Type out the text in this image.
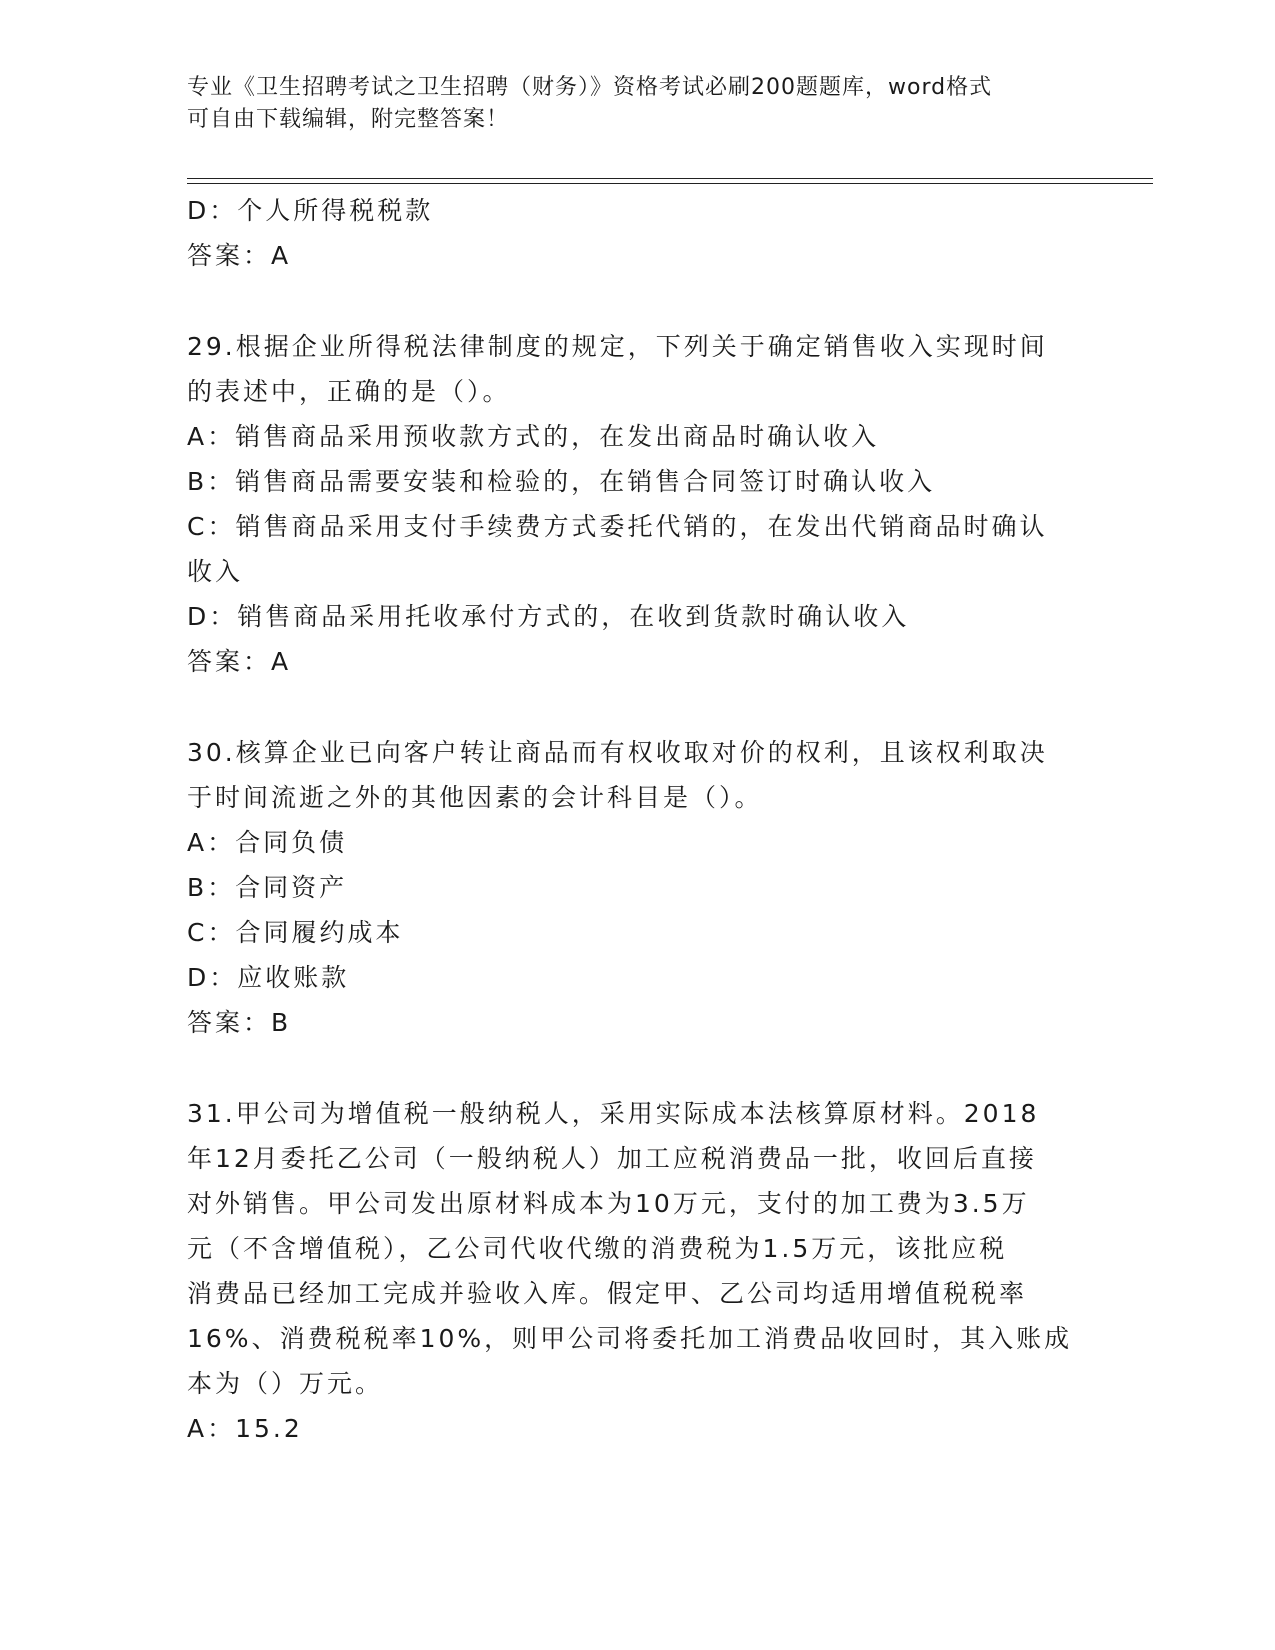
专业《卫生招聘考试之卫生招聘（财务）》资格考试必刷200题题库，word格式
可自由下载编辑，附完整答案！

D：个人所得税税款

答案：A

29.根据企业所得税法律制度的规定，下列关于确定销售收入实现时间

的表述中，正确的是（）。

A：销售商品采用预收款方式的，在发出商品时确认收入

B：销售商品需要安装和检验的，在销售合同签订时确认收入

C：销售商品采用支付手续费方式委托代销的，在发出代销商品时确认

收入

D：销售商品采用托收承付方式的，在收到货款时确认收入

答案：A

30.核算企业已向客户转让商品而有权收取对价的权利，且该权利取决

于时间流逝之外的其他因素的会计科目是（）。

A：合同负债

B：合同资产

C：合同履约成本

D：应收账款

答案：B

31.甲公司为增值税一般纳税人，采用实际成本法核算原材料。2018

年12月委托乙公司（一般纳税人）加工应税消费品一批，收回后直接

对外销售。甲公司发出原材料成本为10万元，支付的加工费为3.5万

元（不含增值税），乙公司代收代缴的消费税为1.5万元，该批应税

消费品已经加工完成并验收入库。假定甲、乙公司均适用增值税税率

16%、消费税税率10%，则甲公司将委托加工消费品收回时，其入账成

本为（）万元。

A：15.2
